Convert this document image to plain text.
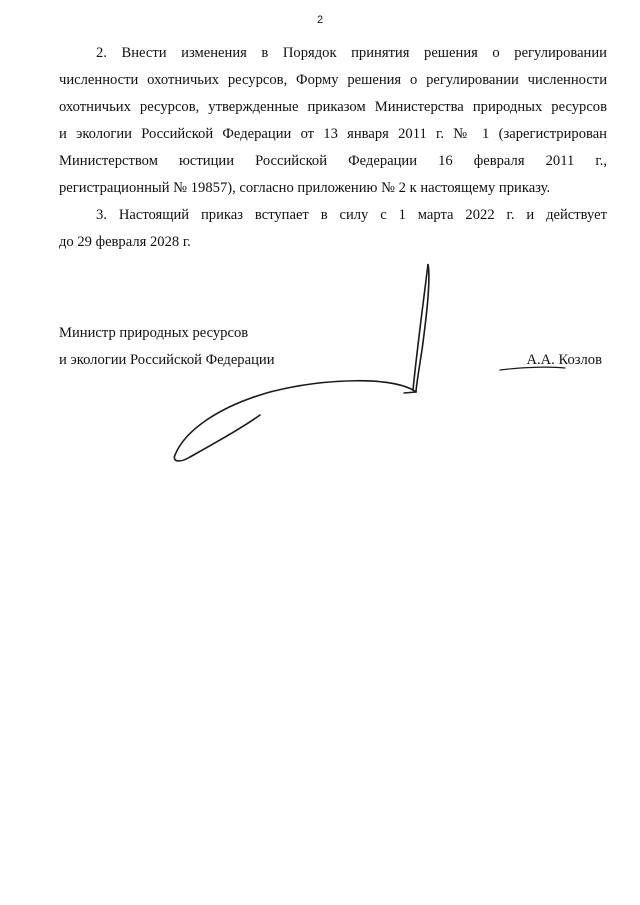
2
2. Внести изменения в Порядок принятия решения о регулировании
численности охотничьих ресурсов, Форму решения о регулировании численности
охотничьих ресурсов, утвержденные приказом Министерства природных ресурсов
и экологии Российской Федерации от 13 января 2011 г. № 1 (зарегистрирован
Министерством юстиции Российской Федерации 16 февраля 2011 г.,
регистрационный № 19857), согласно приложению № 2 к настоящему приказу.
3. Настоящий приказ вступает в силу с 1 марта 2022 г. и действует
до 29 февраля 2028 г.
Министр природных ресурсов
и экологии Российской Федерации	А.А. Козлов
